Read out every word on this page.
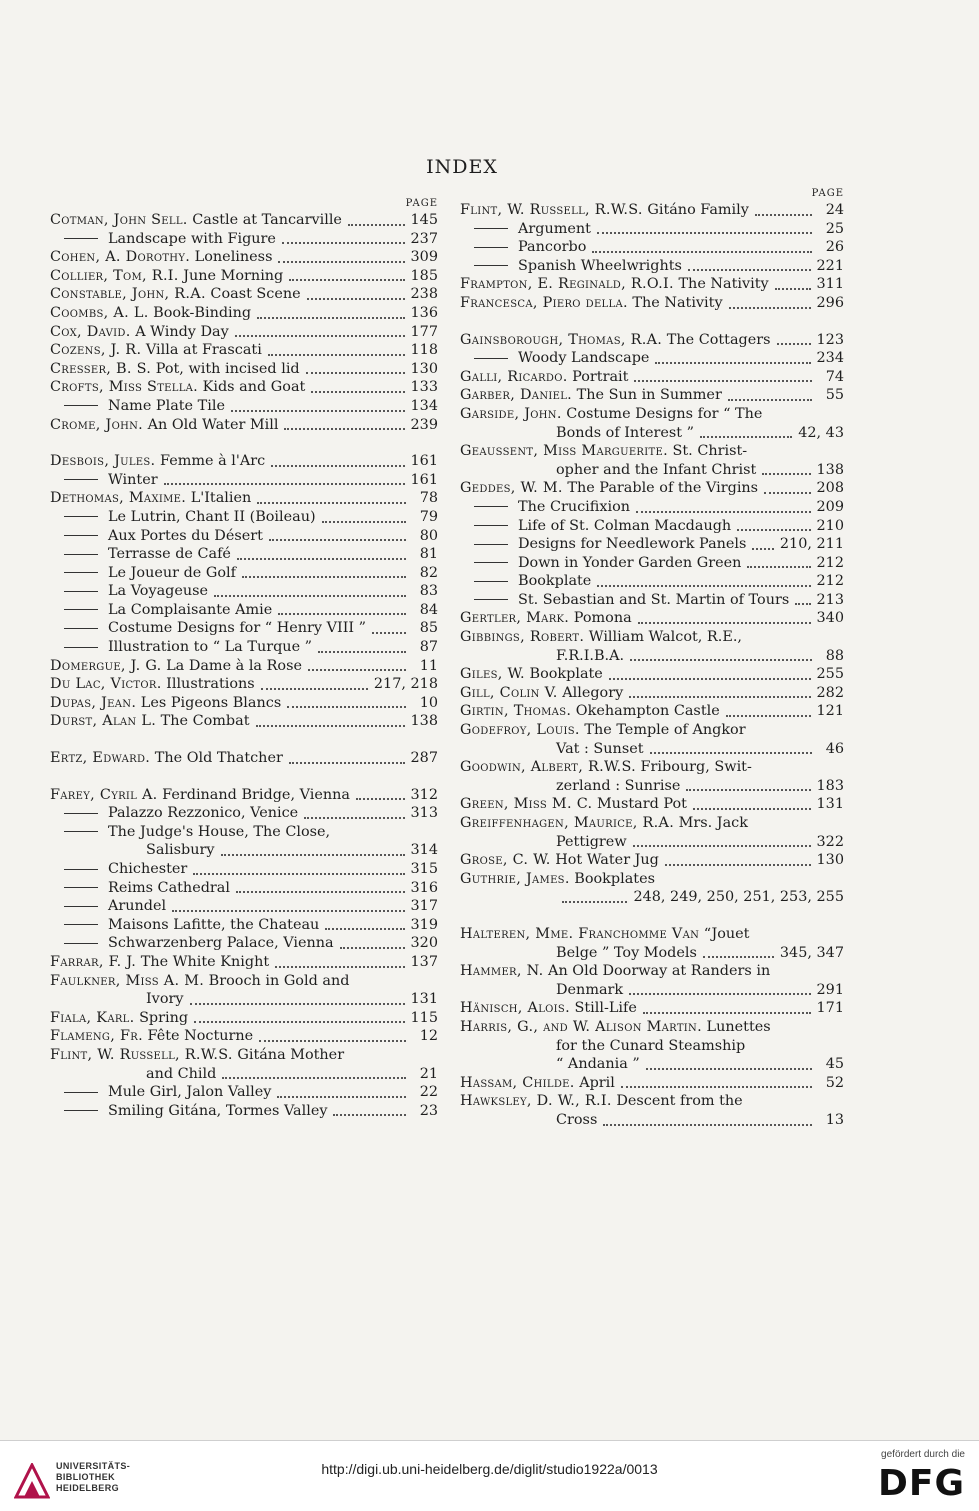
INDEX
PAGE
Cotman, John Sell. Castle at Tancarville	145
Landscape with Figure	237
Cohen, A. Dorothy. Loneliness	309
Collier, Tom, R.I. June Morning	185
Constable, John, R.A. Coast Scene	238
Coombs, A. L. Book-Binding	136
Cox, David. A Windy Day	177
Cozens, J. R. Villa at Frascati	118
Cresser, B. S. Pot, with incised lid	130
Crofts, Miss Stella. Kids and Goat	133
Name Plate Tile	134
Crome, John. An Old Water Mill	239
Desbois, Jules. Femme à l'Arc	161
Winter	161
Dethomas, Maxime. L'Italien	78
Le Lutrin, Chant II (Boileau)	79
Aux Portes du Désert	80
Terrasse de Café	81
Le Joueur de Golf	82
La Voyageuse	83
La Complaisante Amie	84
Costume Designs for “ Henry VIII ”	85
Illustration to “ La Turque ”	87
Domergue, J. G. La Dame à la Rose	11
Du Lac, Victor. Illustrations	217, 218
Dupas, Jean. Les Pigeons Blancs	10
Durst, Alan L. The Combat	138
Ertz, Edward. The Old Thatcher	287
Farey, Cyril A. Ferdinand Bridge, Vienna	312
Palazzo Rezzonico, Venice	313
The Judge's House, The Close,
Salisbury	314
Chichester	315
Reims Cathedral	316
Arundel	317
Maisons Lafitte, the Chateau	319
Schwarzenberg Palace, Vienna	320
Farrar, F. J. The White Knight	137
Faulkner, Miss A. M. Brooch in Gold and
Ivory	131
Fiala, Karl. Spring	115
Flameng, Fr. Fête Nocturne	12
Flint, W. Russell, R.W.S. Gitána Mother
and Child	21
Mule Girl, Jalon Valley	22
Smiling Gitána, Tormes Valley	23
PAGE
Flint, W. Russell, R.W.S. Gitáno Family	24
Argument	25
Pancorbo	26
Spanish Wheelwrights	221
Frampton, E. Reginald, R.O.I. The Nativity	311
Francesca, Piero della. The Nativity	296
Gainsborough, Thomas, R.A. The Cottagers	123
Woody Landscape	234
Galli, Ricardo. Portrait	74
Garber, Daniel. The Sun in Summer	55
Garside, John. Costume Designs for “ The
Bonds of Interest ”	42, 43
Geaussent, Miss Marguerite. St. Christ-
opher and the Infant Christ	138
Geddes, W. M. The Parable of the Virgins	208
The Crucifixion	209
Life of St. Colman Macdaugh	210
Designs for Needlework Panels 210, 211
Down in Yonder Garden Green	212
Bookplate	212
St. Sebastian and St. Martin of Tours 213
Gertler, Mark. Pomona	340
Gibbings, Robert. William Walcot, R.E.,
F.R.I.B.A.	88
Giles, W. Bookplate	255
Gill, Colin V. Allegory	282
Girtin, Thomas. Okehampton Castle	121
Godefroy, Louis. The Temple of Angkor
Vat : Sunset	46
Goodwin, Albert, R.W.S. Fribourg, Swit-
zerland : Sunrise	183
Green, Miss M. C. Mustard Pot	131
Greiffenhagen, Maurice, R.A. Mrs. Jack
Pettigrew	322
Grose, C. W. Hot Water Jug	130
Guthrie, James. Bookplates
248, 249, 250, 251, 253, 255
Halteren, Mme. Franchomme Van “Jouet
Belge ” Toy Models	345, 347
Hammer, N. An Old Doorway at Randers in
Denmark	291
Hänisch, Alois. Still-Life	171
Harris, G., and W. Alison Martin. Lunettes
for the Cunard Steamship
“ Andania ”	45
Hassam, Childe. April	52
Hawksley, D. W., R.I. Descent from the
Cross	13
UNIVERSITÄTS-
BIBLIOTHEK
HEIDELBERG
http://digi.ub.uni-heidelberg.de/diglit/studio1922a/0013
gefördert durch die
DFG
